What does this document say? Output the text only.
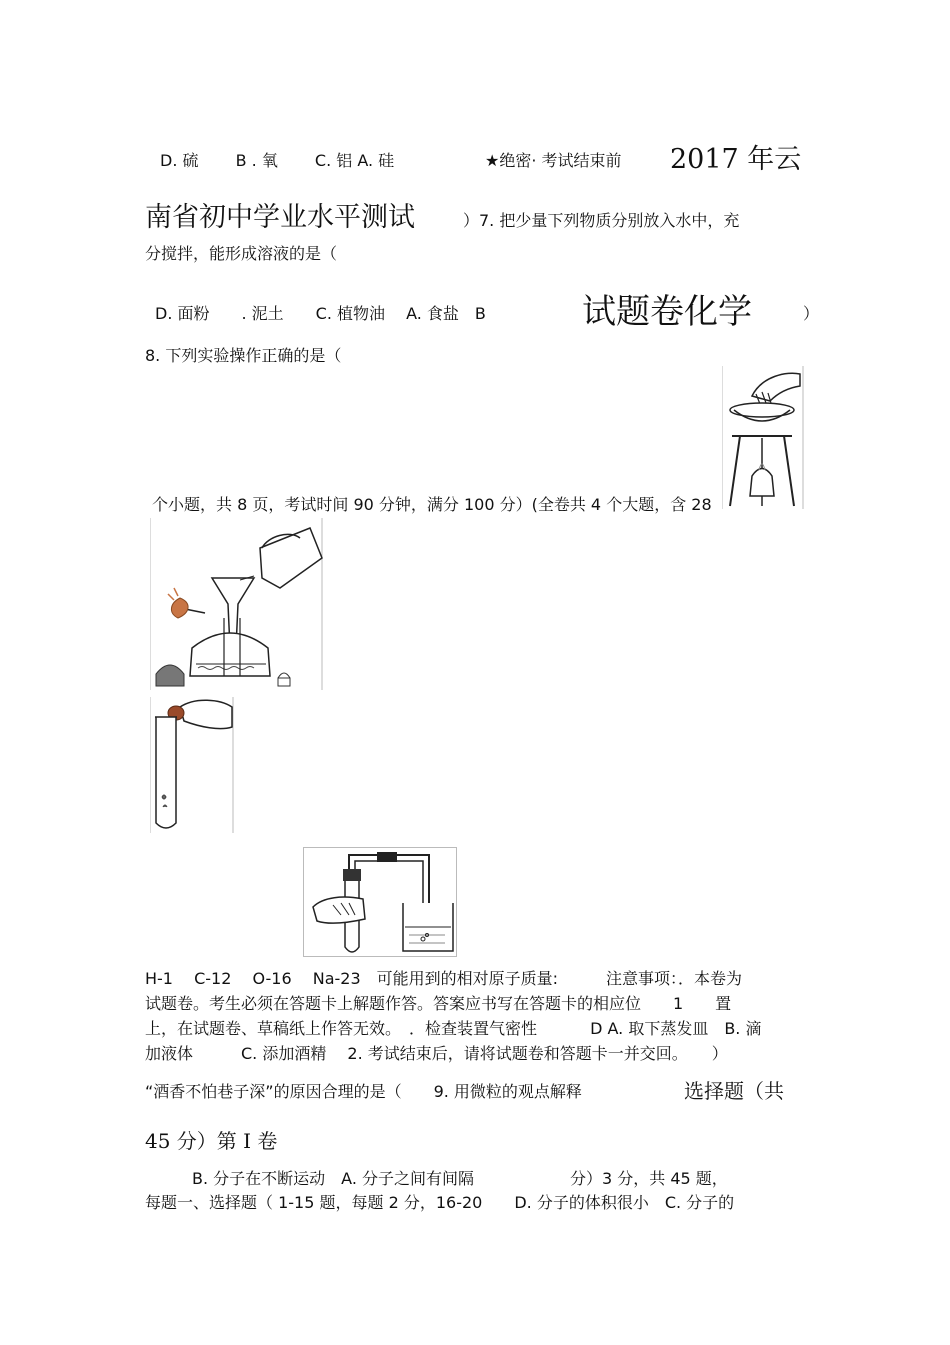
D. 硫　　 B . 氧　　 C. 铝 A. 硅	★绝密· 考试结束前 2017 年云
南省初中学业水平测试	）7. 把少量下列物质分别放入水中，充
分搅拌，能形成溶液的是（
D. 面粉　　. 泥土　　C. 植物油　 A. 食盐　B	试题卷化学	）
8. 下列实验操作正确的是（
个小题，共 8 页，考试时间 90 分钟，满分 100 分）(全卷共 4 个大题，含 28
H-1　 C-12　 O-16　 Na-23　可能用到的相对原子质量:　　　注意事项：．本卷为
试题卷。考生必须在答题卡上解题作答。答案应书写在答题卡的相应位　　1　　置
上，在试题卷、草稿纸上作答无效。　．检查装置气密性　　　 D A. 取下蒸发皿　B. 滴
加液体　　　C. 添加酒精　 2. 考试结束后，请将试题卷和答题卡一并交回。　　）
“酒香不怕巷子深”的原因合理的是（　　9. 用微粒的观点解释	选择题（共
45 分）第 I 卷
B. 分子在不断运动　A. 分子之间有间隔　　　　　　分）3 分，共 45 题，
每题一、选择题（ 1-15 题，每题 2 分，16-20　　D. 分子的体积很小　C. 分子的
